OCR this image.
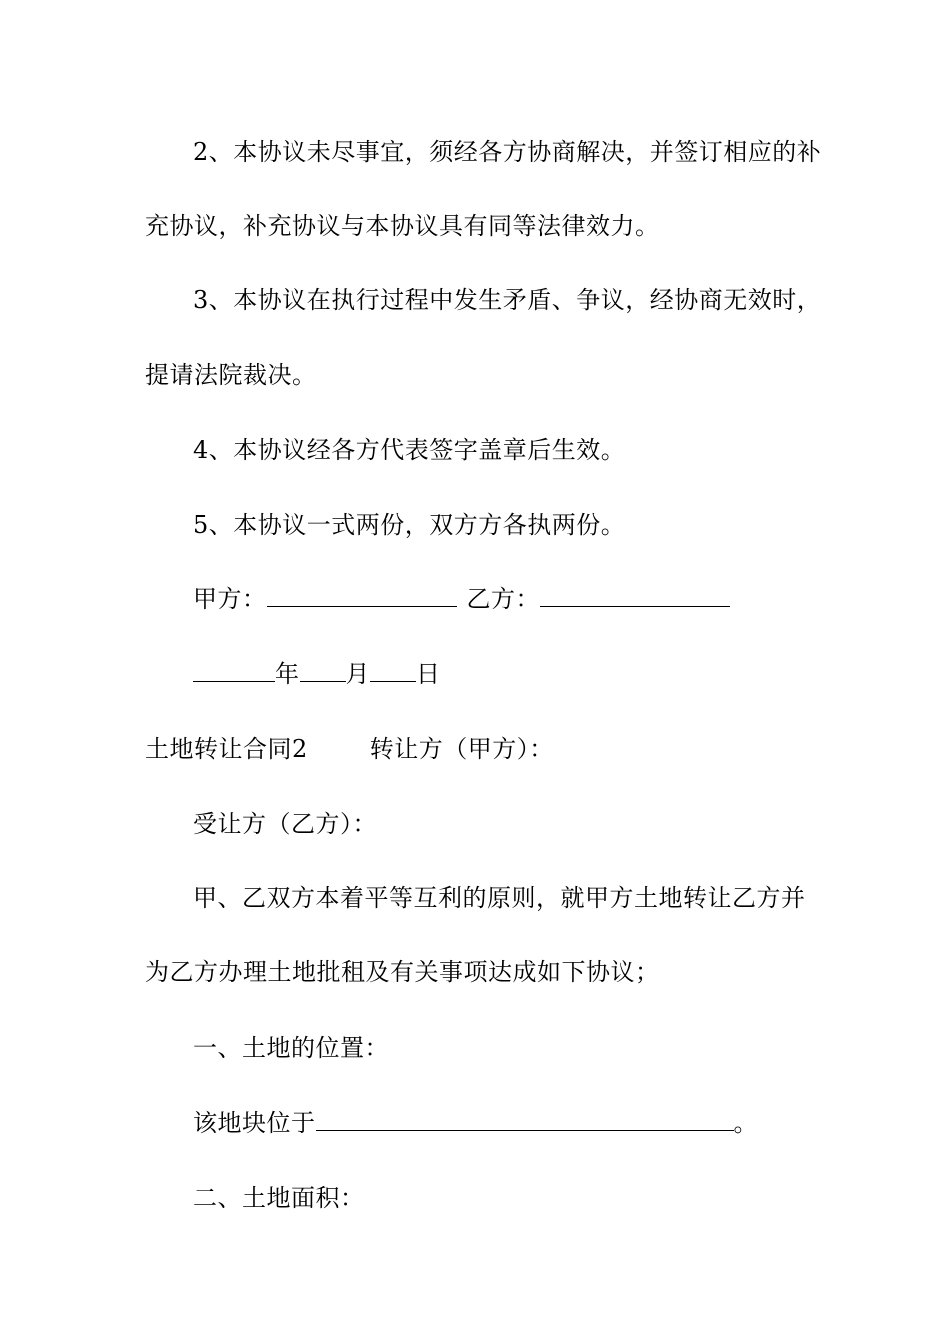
2、本协议未尽事宜，须经各方协商解决，并签订相应的补
充协议，补充协议与本协议具有同等法律效力。
3、本协议在执行过程中发生矛盾、争议，经协商无效时，
提请法院裁决。
4、本协议经各方代表签字盖章后生效。
5、本协议一式两份，双方方各执两份。
甲方：	乙方：
年 月 日
土地转让合同2	转让方（甲方）：
受让方（乙方）：
甲、乙双方本着平等互利的原则，就甲方土地转让乙方并
为乙方办理土地批租及有关事项达成如下协议；
一、土地的位置：
该地块位于	。
二、土地面积：
